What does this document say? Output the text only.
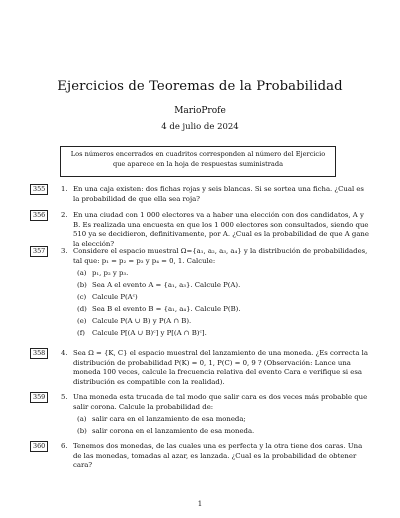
Ejercicios de Teoremas de la Probabilidad
MarioProfe
4 de julio de 2024
Los números encerrados en cuadritos corresponden al número del Ejercicio que aparece en la hoja de respuestas suministrada
355	1. En una caja existen: dos fichas rojas y seis blancas. Si se sortea una ficha. ¿Cual es la probabilidad de que ella sea roja?
356	2. En una ciudad con 1 000 electores va a haber una elección con dos candidatos, A y B. Es realizada una encuesta en que los 1 000 electores son consultados, siendo que 510 ya se decidieron, definitivamente, por A. ¿Cual es la probabilidad de que A gane la elección?
357	3. Considere el espacio muestral Ω={a₁, a₂, a₃, a₄} y la distribución de probabilidades, tal que: p₁ = p₂ = p₃ y p₄ = 0, 1. Calcule:
(a) p₁, p₂ y p₃.
(b) Sea A el evento A = {a₁, a₃}. Calcule P(A).
(c) Calcule P(Aᶜ)
(d) Sea B el evento B = {a₁, a₄}. Calcule P(B).
(e) Calcule P(A ∪ B) y P(A ∩ B).
(f) Calcule P[(A ∪ B)ᶜ] y P[(A ∩ B)ᶜ].
358	4. Sea Ω = {K, C} el espacio muestral del lanzamiento de una moneda. ¿Es correcta la distribución de probabilidad P(K) = 0, 1, P(C) = 0, 9 ? (Observación: Lance una moneda 100 veces, calcule la frecuencia relativa del evento Cara e verifique si esa distribución es compatible con la realidad).
359	5. Una moneda esta trucada de tal modo que salir cara es dos veces más probable que salir corona. Calcule la probabilidad de:
(a) salir cara en el lanzamiento de esa moneda;
(b) salir corona en el lanzamiento de esa moneda.
360	6. Tenemos dos monedas, de las cuales una es perfecta y la otra tiene dos caras. Una de las monedas, tomadas al azar, es lanzada. ¿Cual es la probabilidad de obtener cara?
1
